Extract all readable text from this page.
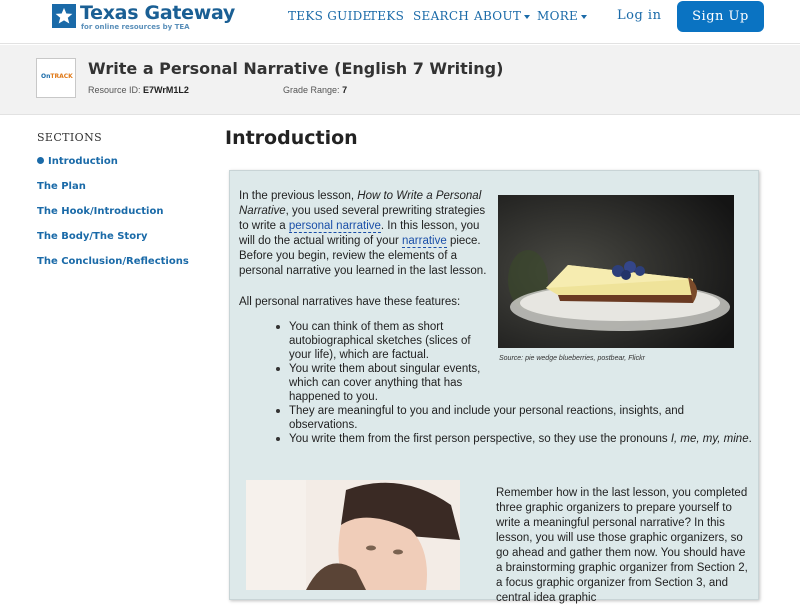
Texas Gateway
for online resources by TEA
TEKS GUIDE
TEKS SEARCH ABOUT	MORE	Log in	Sign Up
OnTRACK Write a Personal Narrative (English 7 Writing)
Resource ID: E7WrM1L2	Grade Range: 7
SECTIONS
Introduction
The Plan
The Hook/Introduction
The Body/The Story
The Conclusion/Reflections
Introduction
In the previous lesson, How to Write a Personal Narrative, you used several prewriting strategies to write a personal narrative. In this lesson, you will do the actual writing of your narrative piece. Before you begin, review the elements of a personal narrative you learned in the last lesson.
All personal narratives have these features:
You can think of them as short autobiographical sketches (slices of your life), which are factual.
You write them about singular events, which can cover anything that has happened to you.
They are meaningful to you and include your personal reactions, insights, and observations.
You write them from the first person perspective, so they use the pronouns I, me, my, mine.
Source: pie wedge blueberries, postbear, Flickr
Remember how in the last lesson, you completed three graphic organizers to prepare yourself to write a meaningful personal narrative? In this lesson, you will use those graphic organizers, so go ahead and gather them now. You should have a brainstorming graphic organizer from Section 2, a focus graphic organizer from Section 3, and central idea graphic
